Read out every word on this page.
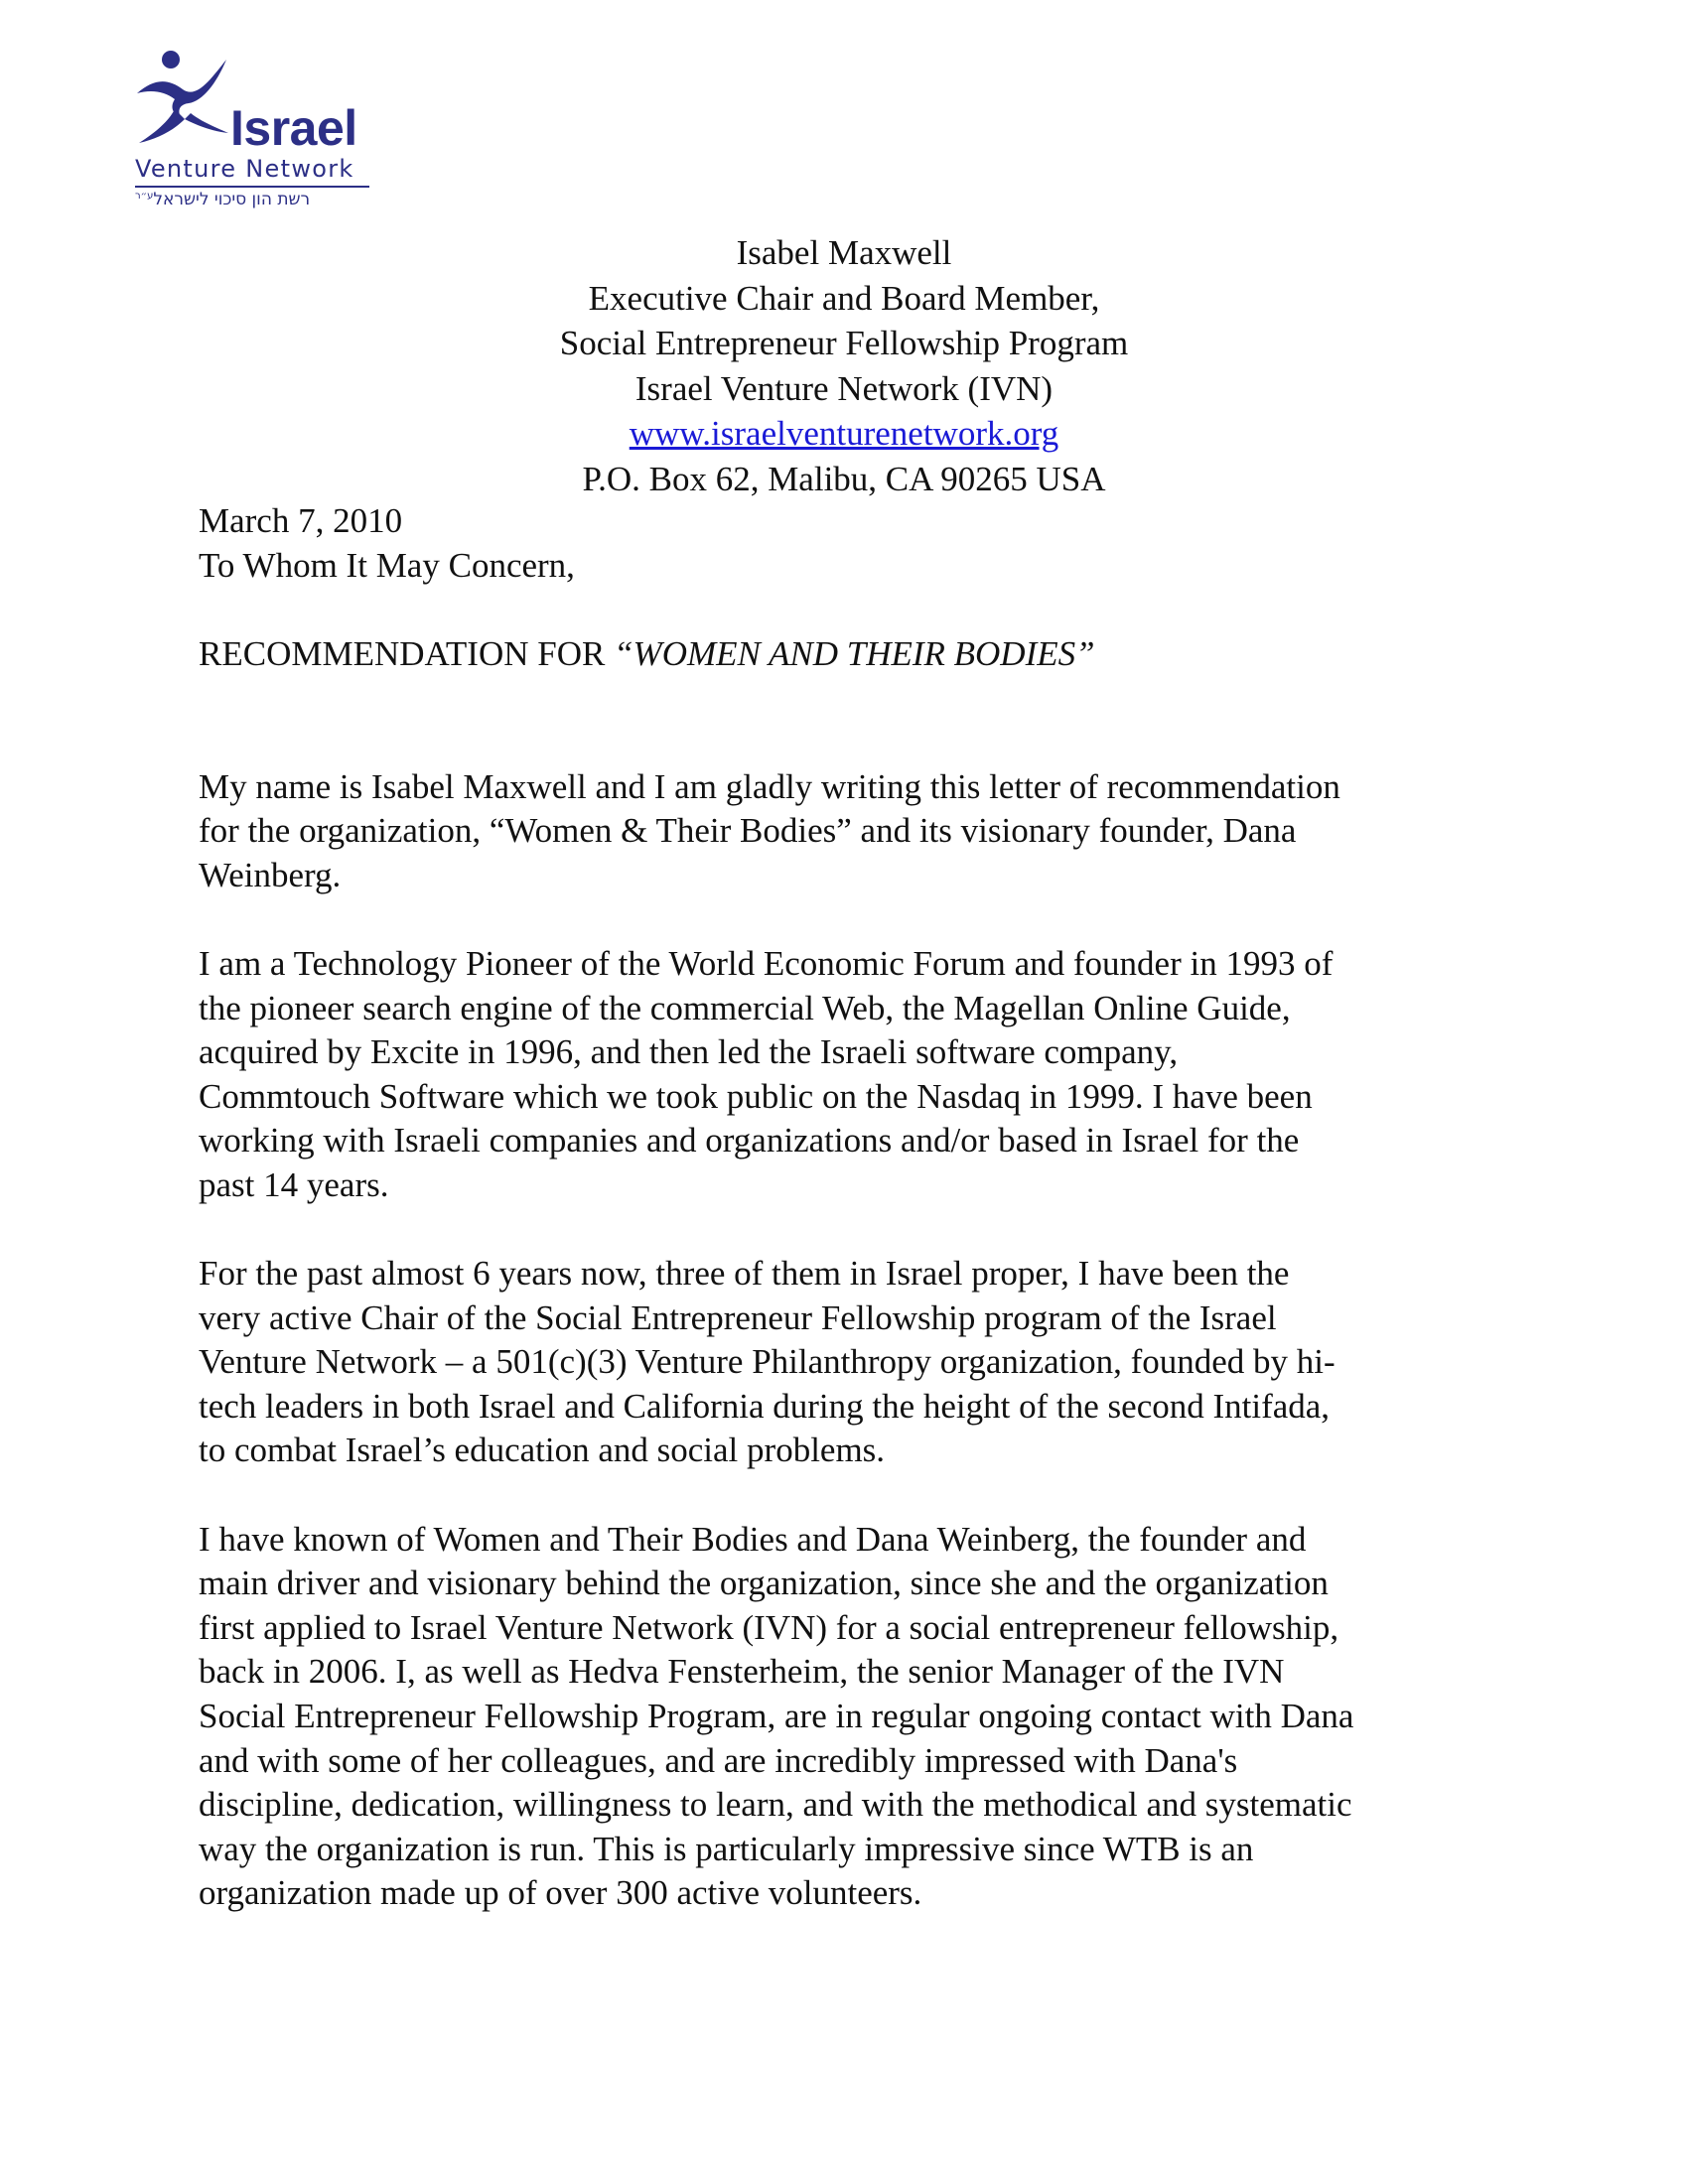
Israel
Venture Network
$^{ע״ר}$רשת הון סיכוי לישראל
Isabel Maxwell
Executive Chair and Board Member,
Social Entrepreneur Fellowship Program
Israel Venture Network (IVN)
www.israelventurenetwork.org
P.O. Box 62, Malibu, CA 90265 USA
March 7, 2010
To Whom It May Concern,
RECOMMENDATION FOR “WOMEN AND THEIR BODIES”
My name is Isabel Maxwell and I am gladly writing this letter of recommendation
for the organization, “Women & Their Bodies” and its visionary founder, Dana
Weinberg.
I am a Technology Pioneer of the World Economic Forum and founder in 1993 of
the pioneer search engine of the commercial Web, the Magellan Online Guide,
acquired by Excite in 1996, and then led the Israeli software company,
Commtouch Software which we took public on the Nasdaq in 1999. I have been
working with Israeli companies and organizations and/or based in Israel for the
past 14 years.
For the past almost 6 years now, three of them in Israel proper, I have been the
very active Chair of the Social Entrepreneur Fellowship program of the Israel
Venture Network – a 501(c)(3) Venture Philanthropy organization, founded by hi-
tech leaders in both Israel and California during the height of the second Intifada,
to combat Israel’s education and social problems.
I have known of Women and Their Bodies and Dana Weinberg, the founder and
main driver and visionary behind the organization, since she and the organization
first applied to Israel Venture Network (IVN) for a social entrepreneur fellowship,
back in 2006. I, as well as Hedva Fensterheim, the senior Manager of the IVN
Social Entrepreneur Fellowship Program, are in regular ongoing contact with Dana
and with some of her colleagues, and are incredibly impressed with Dana's
discipline, dedication, willingness to learn, and with the methodical and systematic
way the organization is run. This is particularly impressive since WTB is an
organization made up of over 300 active volunteers.
